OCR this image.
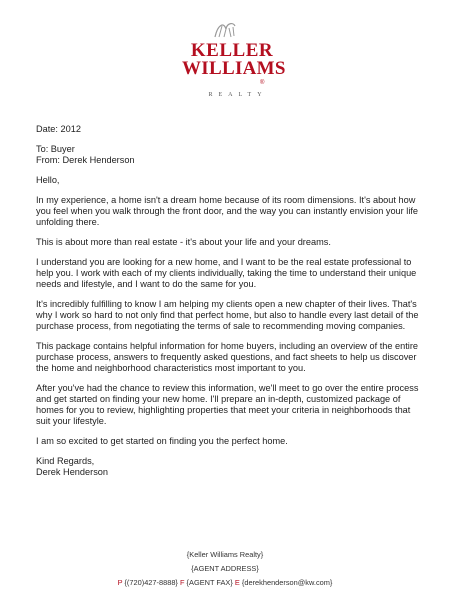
KELLER
WILLIAMS
®
REALTY

Date: 2012

To: Buyer

From: Derek Henderson

Hello,

In my experience, a home isn't a dream home because of its room dimensions. It's about how you feel when you walk through the front door, and the way you can instantly envision your life unfolding there.

This is about more than real estate - it's about your life and your dreams.

I understand you are looking for a new home, and I want to be the real estate professional to help you. I work with each of my clients individually, taking the time to understand their unique needs and lifestyle, and I want to do the same for you.

It's incredibly fulfilling to know I am helping my clients open a new chapter of their lives. That's why I work so hard to not only find that perfect home, but also to handle every last detail of the purchase process, from negotiating the terms of sale to recommending moving companies.

This package contains helpful information for home buyers, including an overview of the entire purchase process, answers to frequently asked questions, and fact sheets to help us discover the home and neighborhood characteristics most important to you.

After you've had the chance to review this information, we'll meet to go over the entire process and get started on finding your new home. I'll prepare an in-depth, customized package of homes for you to review, highlighting properties that meet your criteria in neighborhoods that suit your lifestyle.

I am so excited to get started on finding you the perfect home.

Kind Regards,

Derek Henderson

{Keller Williams Realty}
{AGENT ADDRESS}
P {(720)427-8888} F {AGENT FAX} E {derekhenderson@kw.com}
